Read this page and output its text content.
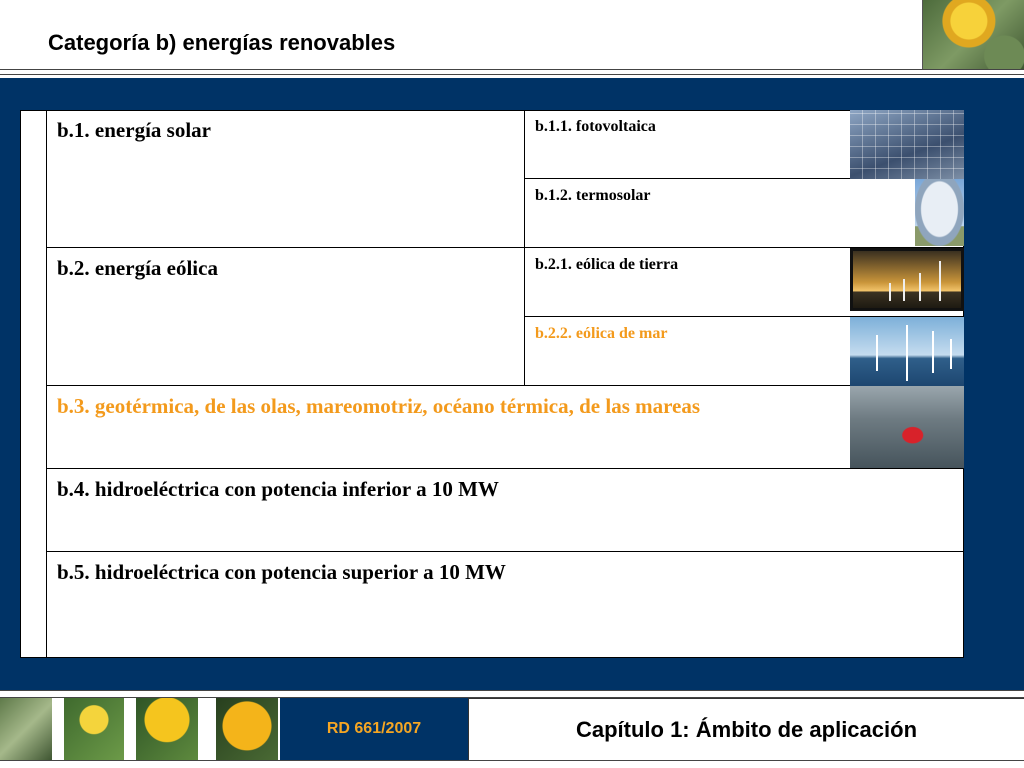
Categoría b) energías renovables
b.1. energía solar	b.1.1. fotovoltaica
b.1.2. termosolar
b.2. energía eólica	b.2.1. eólica de tierra
b.2.2. eólica de mar
b.3. geotérmica, de las olas, mareomotriz, océano térmica, de las mareas
b.4. hidroeléctrica con potencia inferior a 10 MW
b.5. hidroeléctrica con potencia superior a 10 MW
RD 661/2007	Capítulo 1: Ámbito de aplicación
